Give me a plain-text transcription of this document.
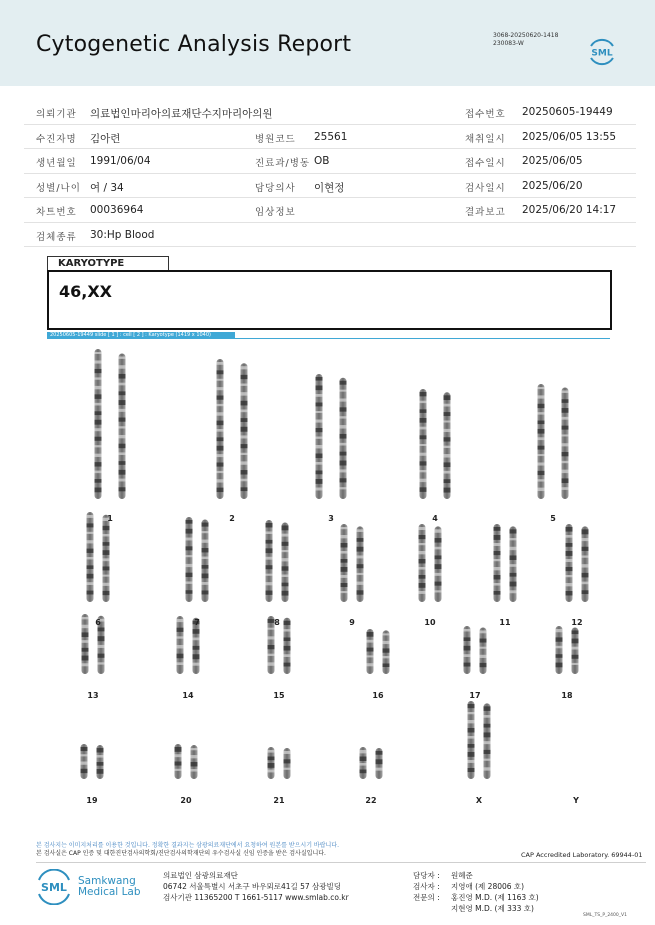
Cytogenetic Analysis Report	3068-20250620-1418
230083-W
SML
의뢰기관 의료법인마리아의료재단수지마리아의원	접수번호 20250605-19449
수진자명 김아련	병원코드 25561	채취일시 2025/06/05 13:55
생년월일 1991/06/04	진료과/병동 OB	접수일시 2025/06/05
성별/나이 여 / 34	담당의사 이현정	검사일시 2025/06/20
차트번호 00036964	임상정보	결과보고 2025/06/20 14:17
검체종류 30:Hp Blood
KARYOTYPE
46,XX
20250605-19449 slide [ 1 ] : cell [ 2 ] : Karyotype (1419 x 1040)
1	2	3	4	5
6	7	8	9	10	11	12
13	14	15	16	17	18
19	20	21	22	X	Y
본 검사지는 이미지처리를 이용한 것입니다. 정확한 결과지는 삼광의료재단에서 요청하여 원본를 받으시기 바랍니다.
본 검사실은 CAP 인증 및 대한진단검사의학회/진단검사의학재단의 우수검사실 신임 인증을 받은 검사실입니다.	CAP Accredited Laboratory. 69944-01
SML Samkwang
Medical Lab
의료법인 삼광의료재단
06742 서울특별시 서초구 바우뫼로41길 57 삼광빌딩
검사기관 11365200 T 1661-5117 www.smlab.co.kr
담당자 : 원혜준
검사자 : 지영애 (제 28006 호)
전문의 : 홍진영 M.D. (제 1163 호)
지현영 M.D. (제 333 호)
SML_TS_P_2400_V1
